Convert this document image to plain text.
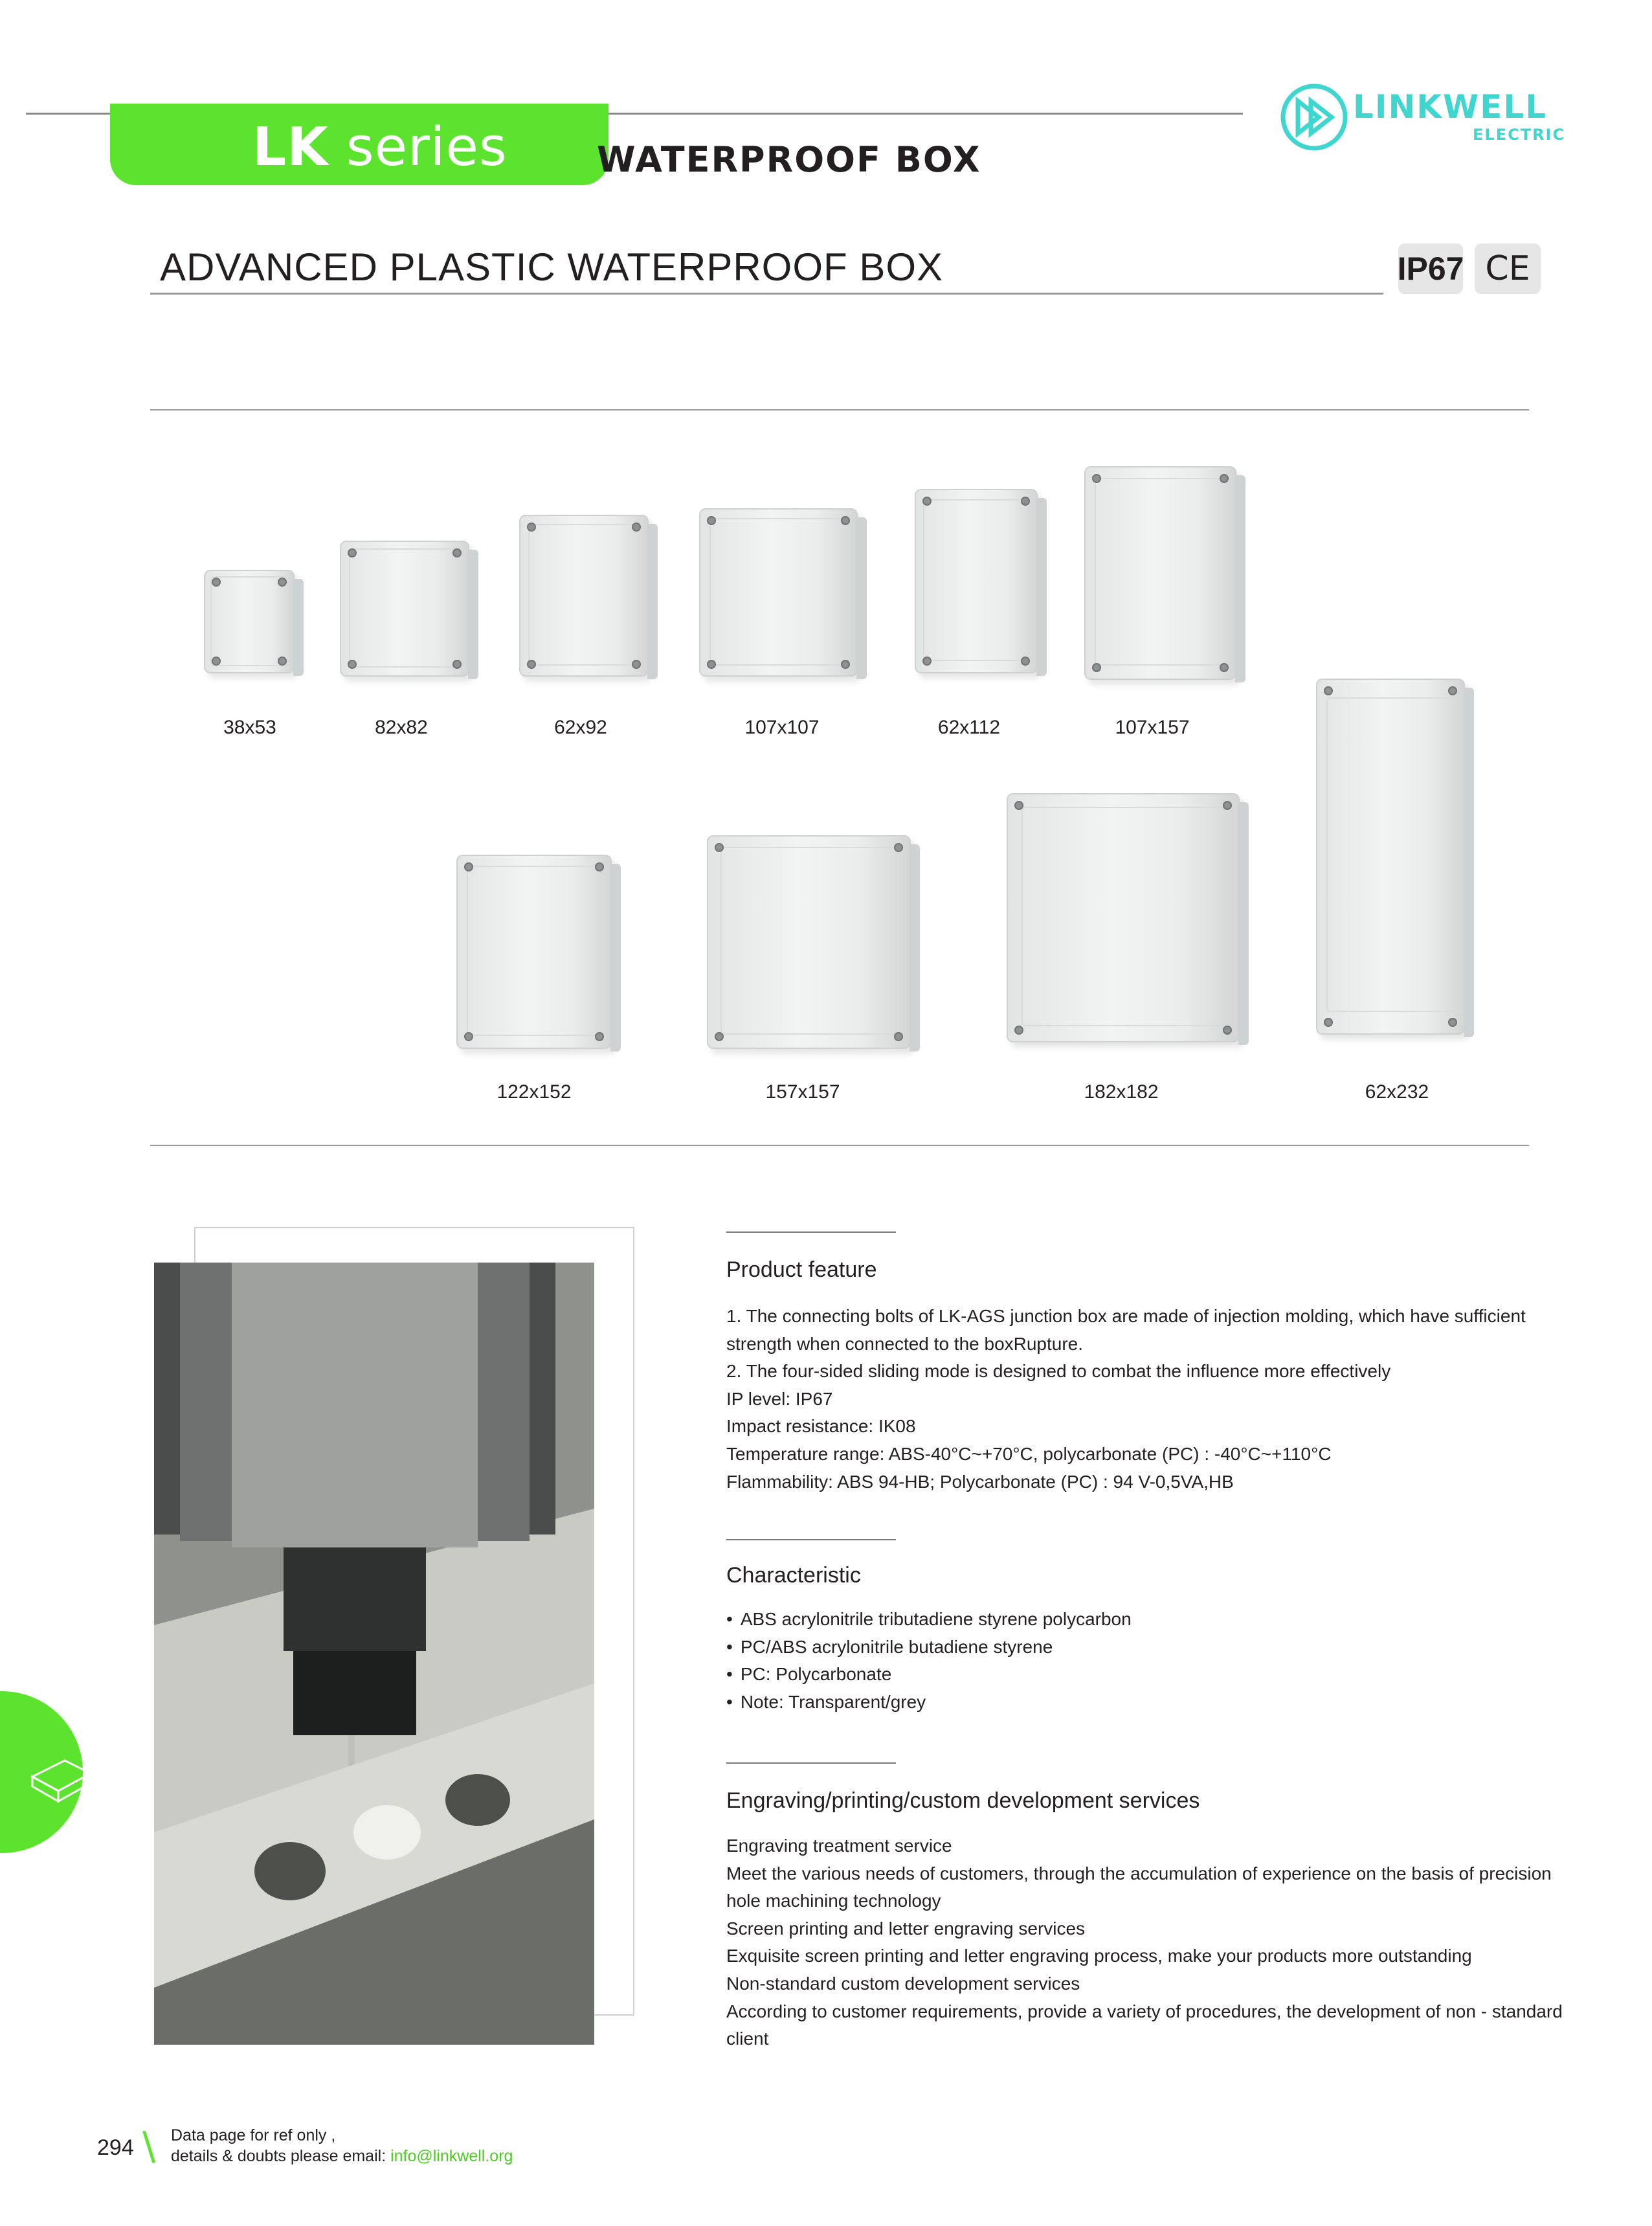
LK series	WATERPROOF BOX
LINKWELL
ELECTRIC
ADVANCED PLASTIC WATERPROOF BOX	IP67 CE
38x53	82x82	62x92	107x107	62x112	107x157
122x152	157x157	182x182	62x232
Product feature
1. The connecting bolts of LK-AGS junction box are made of injection molding, which have sufficient
strength when connected to the boxRupture.
2. The four-sided sliding mode is designed to combat the influence more effectively
IP level: IP67
Impact resistance: IK08
Temperature range: ABS-40°C~+70°C, polycarbonate (PC) : -40°C~+110°C
Flammability: ABS 94-HB; Polycarbonate (PC) : 94 V-0,5VA,HB
Characteristic
• ABS acrylonitrile tributadiene styrene polycarbon
• PC/ABS acrylonitrile butadiene styrene
• PC: Polycarbonate
• Note: Transparent/grey
Engraving/printing/custom development services
Engraving treatment service
Meet the various needs of customers, through the accumulation of experience on the basis of precision
hole machining technology
Screen printing and letter engraving services
Exquisite screen printing and letter engraving process, make your products more outstanding
Non-standard custom development services
According to customer requirements, provide a variety of procedures, the development of non - standard
client
294 \ Data page for ref only ,
details & doubts please email: info@linkwell.org
